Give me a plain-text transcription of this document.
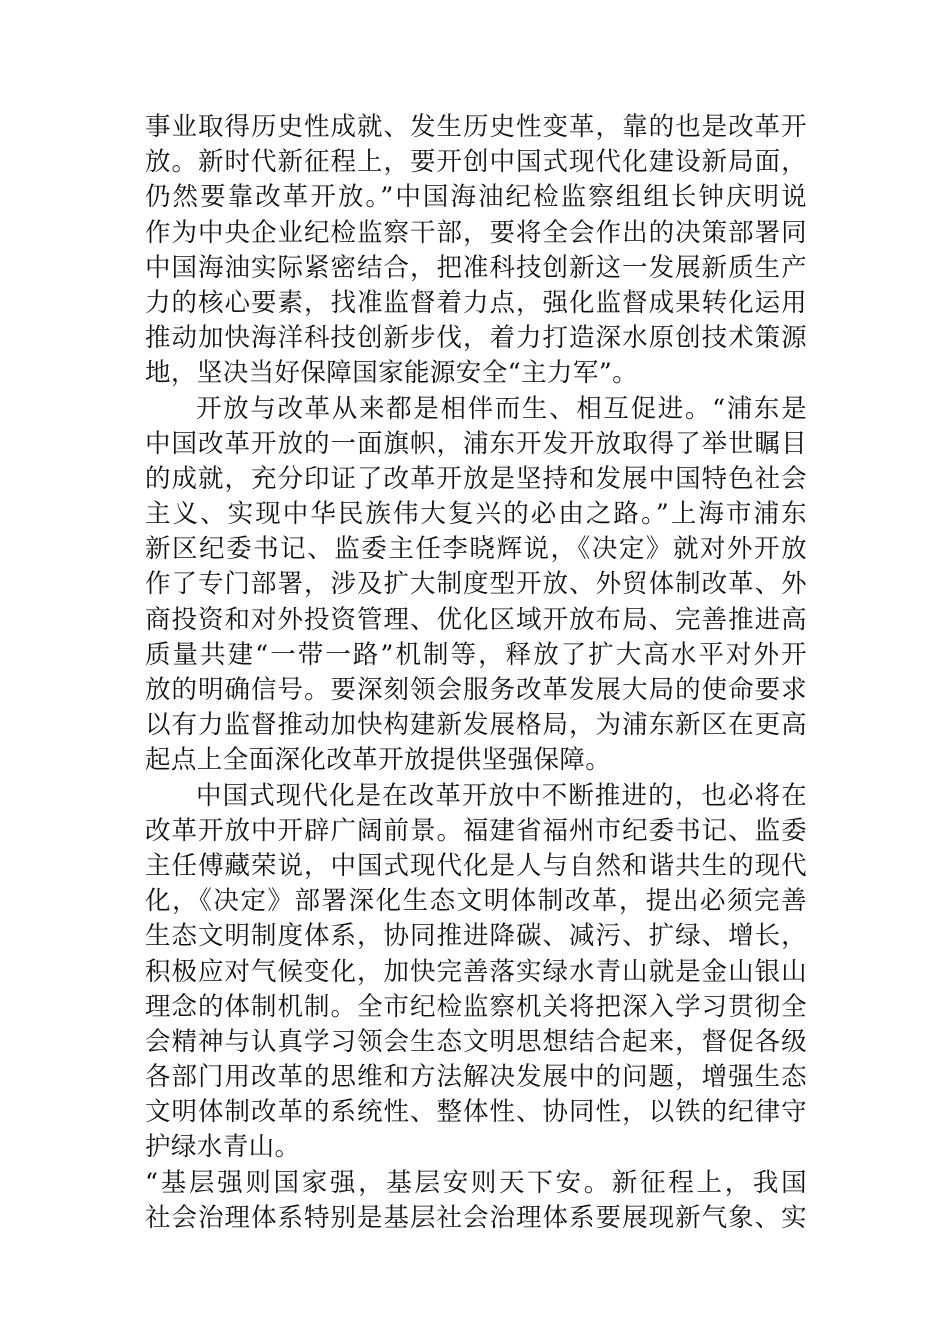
事业取得历史性成就、发生历史性变革，靠的也是改革开
放。新时代新征程上，要开创中国式现代化建设新局面，
仍然要靠改革开放。”中国海油纪检监察组组长钟庆明说
作为中央企业纪检监察干部，要将全会作出的决策部署同
中国海油实际紧密结合，把准科技创新这一发展新质生产
力的核心要素，找准监督着力点，强化监督成果转化运用
推动加快海洋科技创新步伐，着力打造深水原创技术策源
地，坚决当好保障国家能源安全“主力军”。
开放与改革从来都是相伴而生、相互促进。“浦东是
中国改革开放的一面旗帜，浦东开发开放取得了举世瞩目
的成就，充分印证了改革开放是坚持和发展中国特色社会
主义、实现中华民族伟大复兴的必由之路。”上海市浦东
新区纪委书记、监委主任李晓辉说，《决定》就对外开放
作了专门部署，涉及扩大制度型开放、外贸体制改革、外
商投资和对外投资管理、优化区域开放布局、完善推进高
质量共建“一带一路”机制等，释放了扩大高水平对外开
放的明确信号。要深刻领会服务改革发展大局的使命要求
以有力监督推动加快构建新发展格局，为浦东新区在更高
起点上全面深化改革开放提供坚强保障。
中国式现代化是在改革开放中不断推进的，也必将在
改革开放中开辟广阔前景。福建省福州市纪委书记、监委
主任傅藏荣说，中国式现代化是人与自然和谐共生的现代
化，《决定》部署深化生态文明体制改革，提出必须完善
生态文明制度体系，协同推进降碳、减污、扩绿、增长，
积极应对气候变化，加快完善落实绿水青山就是金山银山
理念的体制机制。全市纪检监察机关将把深入学习贯彻全
会精神与认真学习领会生态文明思想结合起来，督促各级
各部门用改革的思维和方法解决发展中的问题，增强生态
文明体制改革的系统性、整体性、协同性，以铁的纪律守
护绿水青山。
“基层强则国家强，基层安则天下安。新征程上，我国
社会治理体系特别是基层社会治理体系要展现新气象、实
